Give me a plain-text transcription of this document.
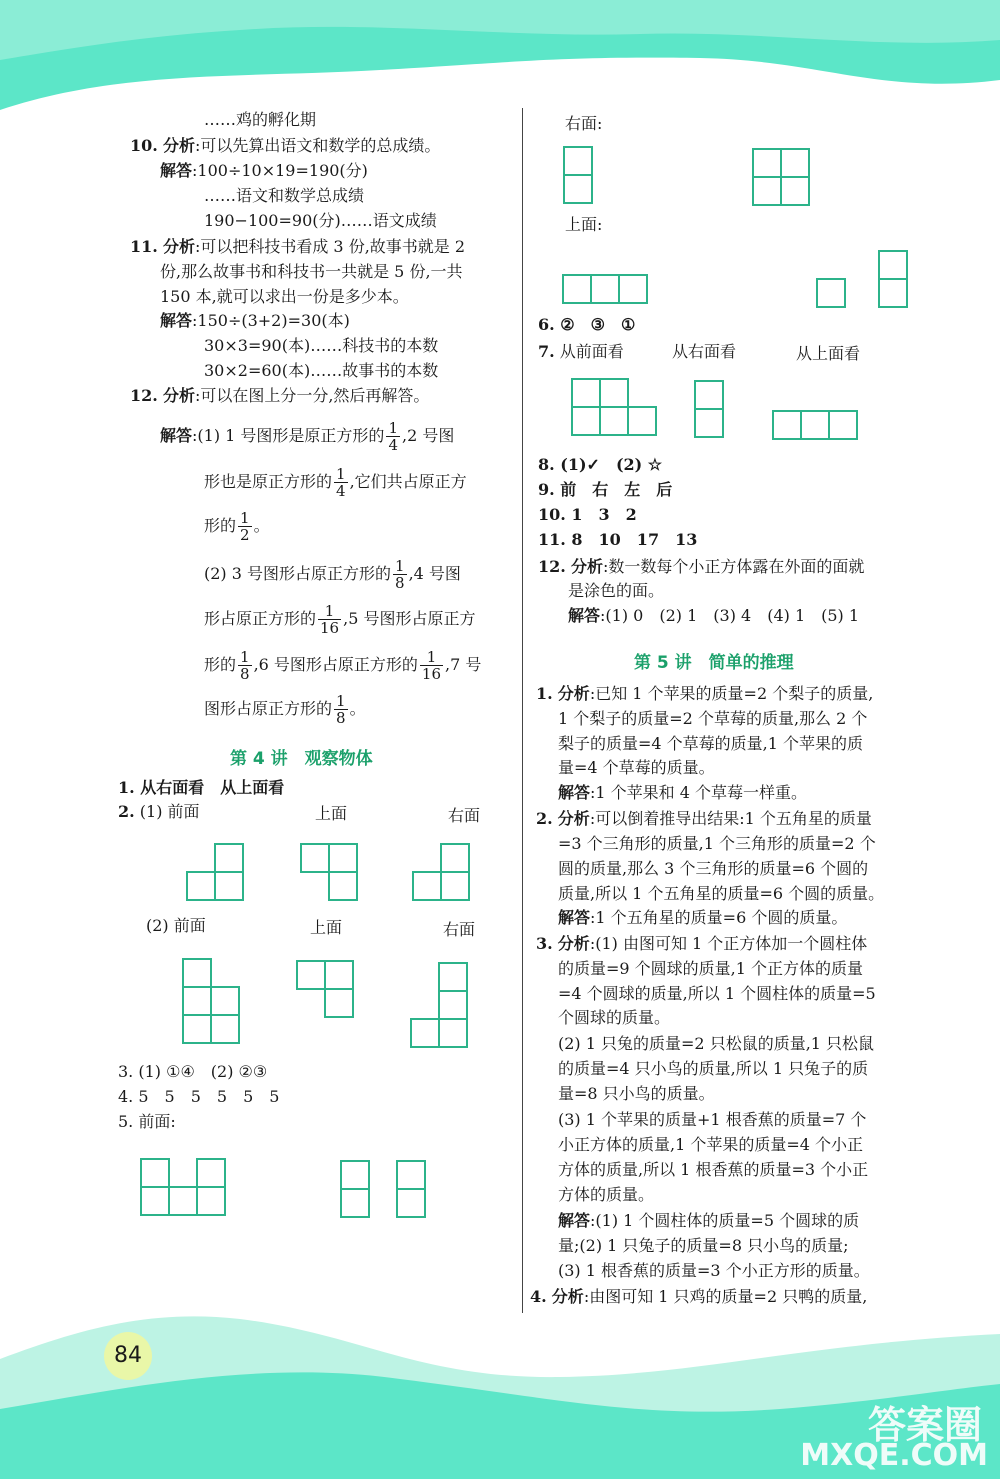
84
答案圈
MXQE.COM
……鸡的孵化期
10. 分析:可以先算出语文和数学的总成绩。
解答:100÷10×19=190(分)
……语文和数学总成绩
190−100=90(分)……语文成绩
11. 分析:可以把科技书看成 3 份,故事书就是 2
份,那么故事书和科技书一共就是 5 份,一共
150 本,就可以求出一份是多少本。
解答:150÷(3+2)=30(本)
30×3=90(本)……科技书的本数
30×2=60(本)……故事书的本数
12. 分析:可以在图上分一分,然后再解答。
解答:(1) 1 号图形是原正方形的 $\frac{1}{4} ,2$ 号图
形也是原正方形的 $\frac{1}{4}$ ,它们共占原正方
形的 $\frac{1}{2}$ 。
(2) 3 号图形占原正方形的 $\frac{1}{8} ,4$ 号图
形占原正方形的 $\frac{1}{16} ,5$ 号图形占原正方
形的 $\frac{1}{8} ,6$ 号图形占原正方形的 $\frac{1}{16} ,7$ 号
图形占原正方形的 $\frac{1}{8}$ 。
第 4 讲　观察物体
1. 从右面看　从上面看
2. (1) 前面	上面	右面
(2) 前面	上面	右面
3. (1) ①④　(2) ②③
4. 5　5　5　5　5　5
5. 前面:
右面:
上面:
6. ②　③　①
7. 从前面看	从右面看	从上面看
8. (1)✓　(2) ☆
9. 前　右　左　后
10. 1　3　2
11. 8　10　17　13
12. 分析:数一数每个小正方体露在外面的面就
是涂色的面。
解答:(1) 0　(2) 1　(3) 4　(4) 1　(5) 1
第 5 讲　简单的推理
1. 分析:已知 1 个苹果的质量=2 个梨子的质量,
1 个梨子的质量=2 个草莓的质量,那么 2 个
梨子的质量=4 个草莓的质量,1 个苹果的质
量=4 个草莓的质量。
解答:1 个苹果和 4 个草莓一样重。
2. 分析:可以倒着推导出结果:1 个五角星的质量
=3 个三角形的质量,1 个三角形的质量=2 个
圆的质量,那么 3 个三角形的质量=6 个圆的
质量,所以 1 个五角星的质量=6 个圆的质量。
解答:1 个五角星的质量=6 个圆的质量。
3. 分析:(1) 由图可知 1 个正方体加一个圆柱体
的质量=9 个圆球的质量,1 个正方体的质量
=4 个圆球的质量,所以 1 个圆柱体的质量=5
个圆球的质量。
(2) 1 只兔的质量=2 只松鼠的质量,1 只松鼠
的质量=4 只小鸟的质量,所以 1 只兔子的质
量=8 只小鸟的质量。
(3) 1 个苹果的质量+1 根香蕉的质量=7 个
小正方体的质量,1 个苹果的质量=4 个小正
方体的质量,所以 1 根香蕉的质量=3 个小正
方体的质量。
解答:(1) 1 个圆柱体的质量=5 个圆球的质
量;(2) 1 只兔子的质量=8 只小鸟的质量;
(3) 1 根香蕉的质量=3 个小正方形的质量。
4. 分析:由图可知 1 只鸡的质量=2 只鸭的质量,
